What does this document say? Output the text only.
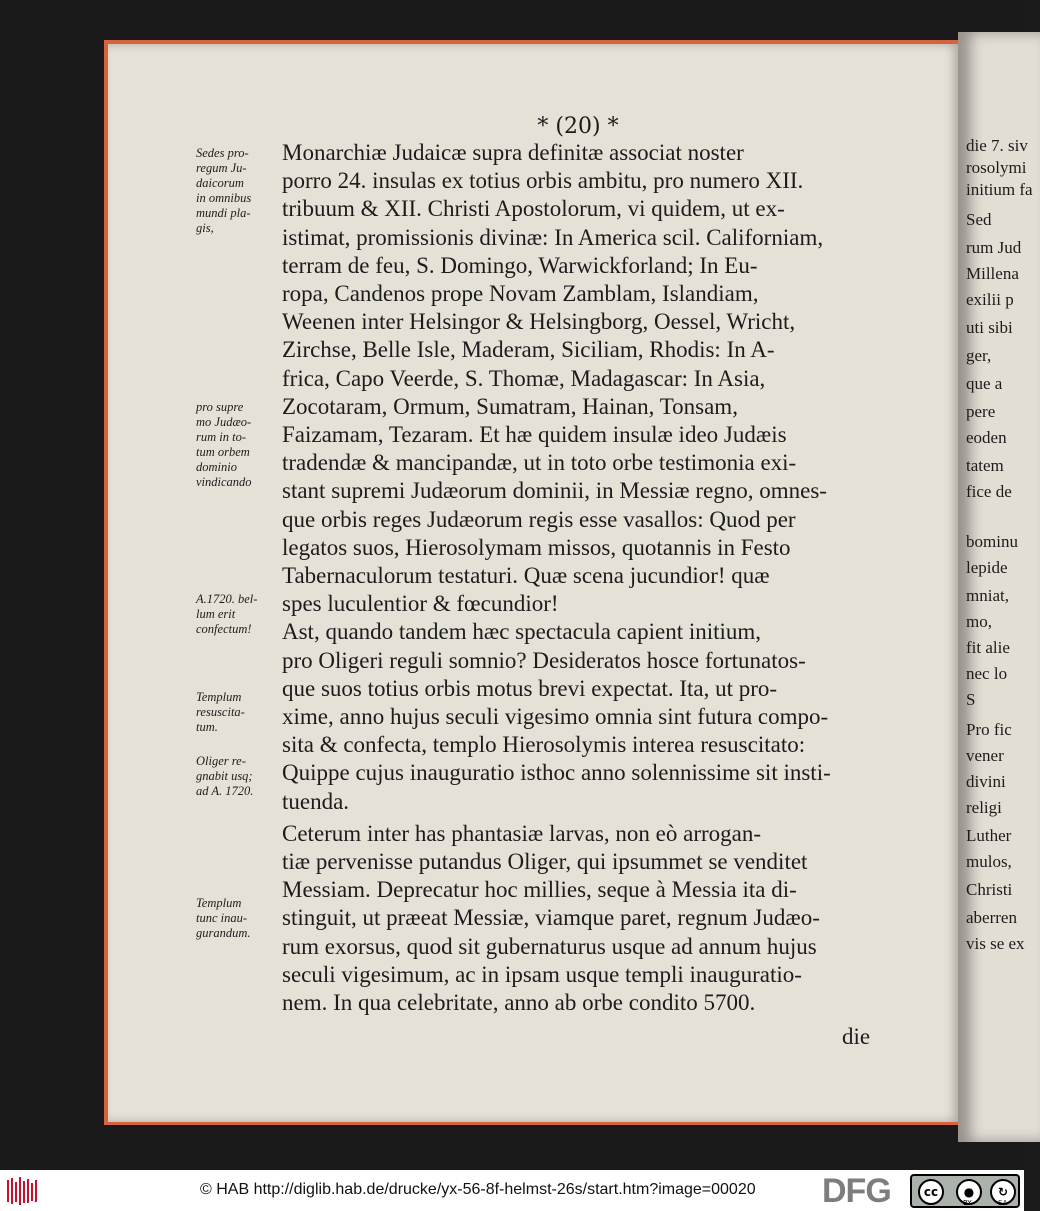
* (20) *
Monarchiæ Judaicæ supra definitæ associat noster
porro 24. insulas ex totius orbis ambitu, pro numero XII.
tribuum & XII. Christi Apostolorum, vi quidem, ut ex-
istimat, promissionis divinæ: In America scil. Californiam,
terram de feu, S. Domingo, Warwickforland; In Eu-
ropa, Candenos prope Novam Zamblam, Islandiam,
Weenen inter Helsingor & Helsingborg, Oessel, Wricht,
Zirchse, Belle Isle, Maderam, Siciliam, Rhodis: In A-
frica, Capo Veerde, S. Thomæ, Madagascar: In Asia,
Zocotaram, Ormum, Sumatram, Hainan, Tonsam,
Faizamam, Tezaram. Et hæ quidem insulæ ideo Judæis
tradendæ & mancipandæ, ut in toto orbe testimonia exi-
stant supremi Judæorum dominii, in Messiæ regno, omnes-
que orbis reges Judæorum regis esse vasallos: Quod per
legatos suos, Hierosolymam missos, quotannis in Festo
Tabernaculorum testaturi. Quæ scena jucundior! quæ
spes luculentior & fœcundior!
Ast, quando tandem hæc spectacula capient initium,
pro Oligeri reguli somnio? Desideratos hosce fortunatos-
que suos totius orbis motus brevi expectat. Ita, ut pro-
xime, anno hujus seculi vigesimo omnia sint futura compo-
sita & confecta, templo Hierosolymis interea resuscitato:
Quippe cujus inauguratio isthoc anno solennissime sit insti-
tuenda.
Ceterum inter has phantasiæ larvas, non eò arrogan-
tiæ pervenisse putandus Oliger, qui ipsummet se venditet
Messiam. Deprecatur hoc millies, seque à Messia ita di-
stinguit, ut præeat Messiæ, viamque paret, regnum Judæo-
rum exorsus, quod sit gubernaturus usque ad annum hujus
seculi vigesimum, ac in ipsam usque templi inauguratio-
nem. In qua celebritate, anno ab orbe condito 5700.
die
Sedes pro-
regum Ju-
daicorum
in omnibus
mundi pla-
gis,
pro supre
mo Judæo-
rum in to-
tum orbem
dominio
vindicando
A.1720. bel-
lum erit
confectum!
Templum
resuscita-
tum.
Oliger re-
gnabit usq;
ad A. 1720.
Templum
tunc inau-
gurandum.
die 7. siv
rosolymi
initium fa
Sed
rum Jud
Millena
exilii p
uti sibi
ger,
que a
pere
eoden
tatem
fice de
bominu
lepide
mniat,
mo,
fit alie
nec lo
S
Pro fic
vener
divini
religi
Luther
mulos,
Christi
aberren
vis se ex
© HAB http://diglib.hab.de/drucke/yx-56-8f-helmst-26s/start.htm?image=00020 DFG	cc	●	↻
BY	SA
